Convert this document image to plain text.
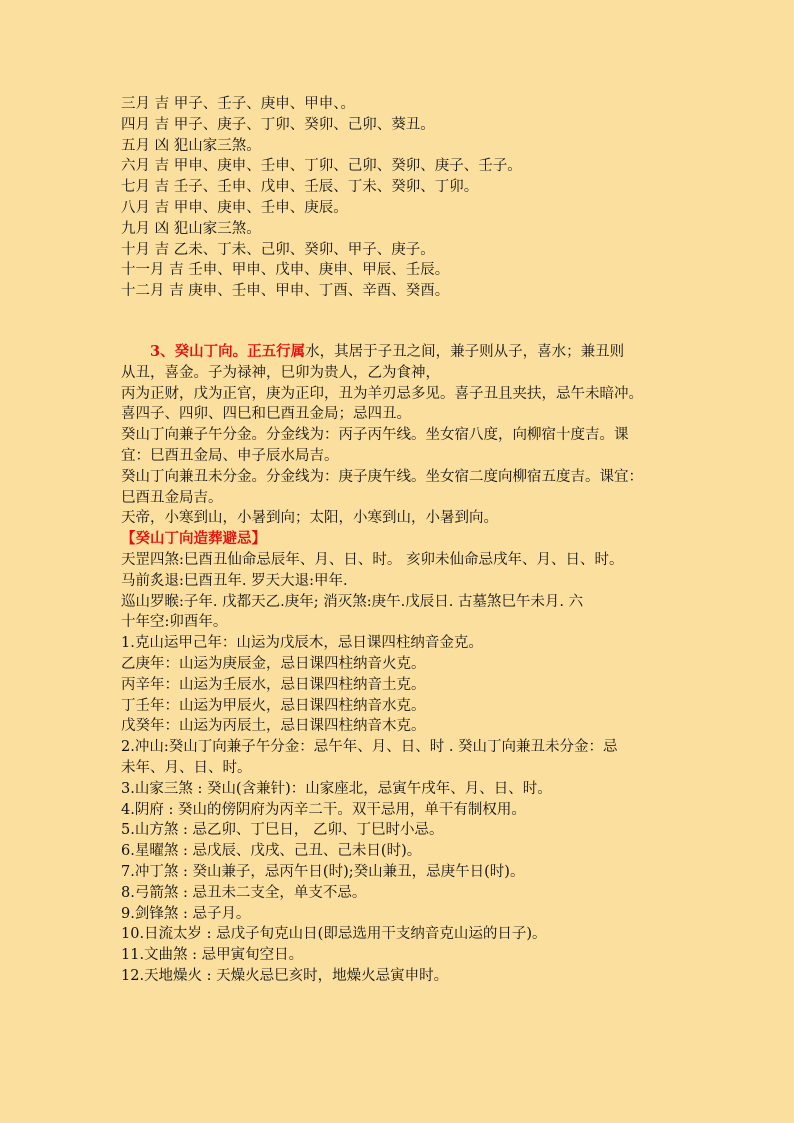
三月 吉 甲子、壬子、庚申、甲申、。
四月 吉 甲子、庚子、丁卯、癸卯、己卯、葵丑。
五月 凶 犯山家三煞。
六月 吉 甲申、庚申、壬申、丁卯、己卯、癸卯、庚子、壬子。
七月 吉 壬子、壬申、戊申、壬辰、丁未、癸卯、丁卯。
八月 吉 甲申、庚申、壬申、庚辰。
九月 凶 犯山家三煞。
十月 吉 乙未、丁未、己卯、癸卯、甲子、庚子。
十一月 吉 壬申、甲申、戊申、庚申、甲辰、壬辰。
十二月 吉 庚申、壬申、甲申、丁酉、辛酉、癸酉。
3、癸山丁向。正五行属水，其居于子丑之间，兼子则从子，喜水；兼丑则
从丑，喜金。子为禄神，巳卯为贵人，乙为食神，
丙为正财，戊为正官，庚为正印，丑为羊刃忌多见。喜子丑且夹扶，忌午未暗冲。
喜四子、四卯、四巳和巳酉丑金局；忌四丑。
癸山丁向兼子午分金。分金线为：丙子丙午线。坐女宿八度，向柳宿十度吉。课
宜：巳酉丑金局、申子辰水局吉。
癸山丁向兼丑未分金。分金线为：庚子庚午线。坐女宿二度向柳宿五度吉。课宜：
巳酉丑金局吉。
天帝，小寒到山，小暑到向；太阳，小寒到山，小暑到向。
【癸山丁向造葬避忌】
天罡四煞:巳酉丑仙命忌辰年、月、日、时。 亥卯未仙命忌戌年、月、日、时。
马前炙退:巳酉丑年. 罗天大退:甲年.
巡山罗睺:子年. 戊都天乙.庚年; 消灭煞:庚午.戊辰日. 古墓煞巳午未月. 六
十年空:卯酉年。
1.克山运甲己年：山运为戊辰木，忌日课四柱纳音金克。
乙庚年：山运为庚辰金，忌日课四柱纳音火克。
丙辛年：山运为壬辰水，忌日课四柱纳音土克。
丁壬年：山运为甲辰火，忌日课四柱纳音水克。
戊癸年：山运为丙辰土，忌日课四柱纳音木克。
2.冲山:癸山丁向兼子午分金：忌午年、月、日、时 . 癸山丁向兼丑未分金：忌
未年、月、日、时。
3.山家三煞 : 癸山(含兼针)：山家座北，忌寅午戌年、月、日、时。
4.阴府 : 癸山的傍阴府为丙辛二干。双干忌用，单干有制权用。
5.山方煞 : 忌乙卯、丁巳日， 乙卯、丁巳时小忌。
6.星曜煞 : 忌戊辰、戊戌、己丑、己未日(时)。
7.冲丁煞 : 癸山兼子，忌丙午日(时);癸山兼丑，忌庚午日(时)。
8.弓箭煞 : 忌丑未二支全，单支不忌。
9.剑锋煞 : 忌子月。
10.日流太岁 : 忌戊子旬克山日(即忌选用干支纳音克山运的日子)。
11.文曲煞 : 忌甲寅旬空日。
12.天地燥火 : 天燥火忌巳亥时，地燥火忌寅申时。
